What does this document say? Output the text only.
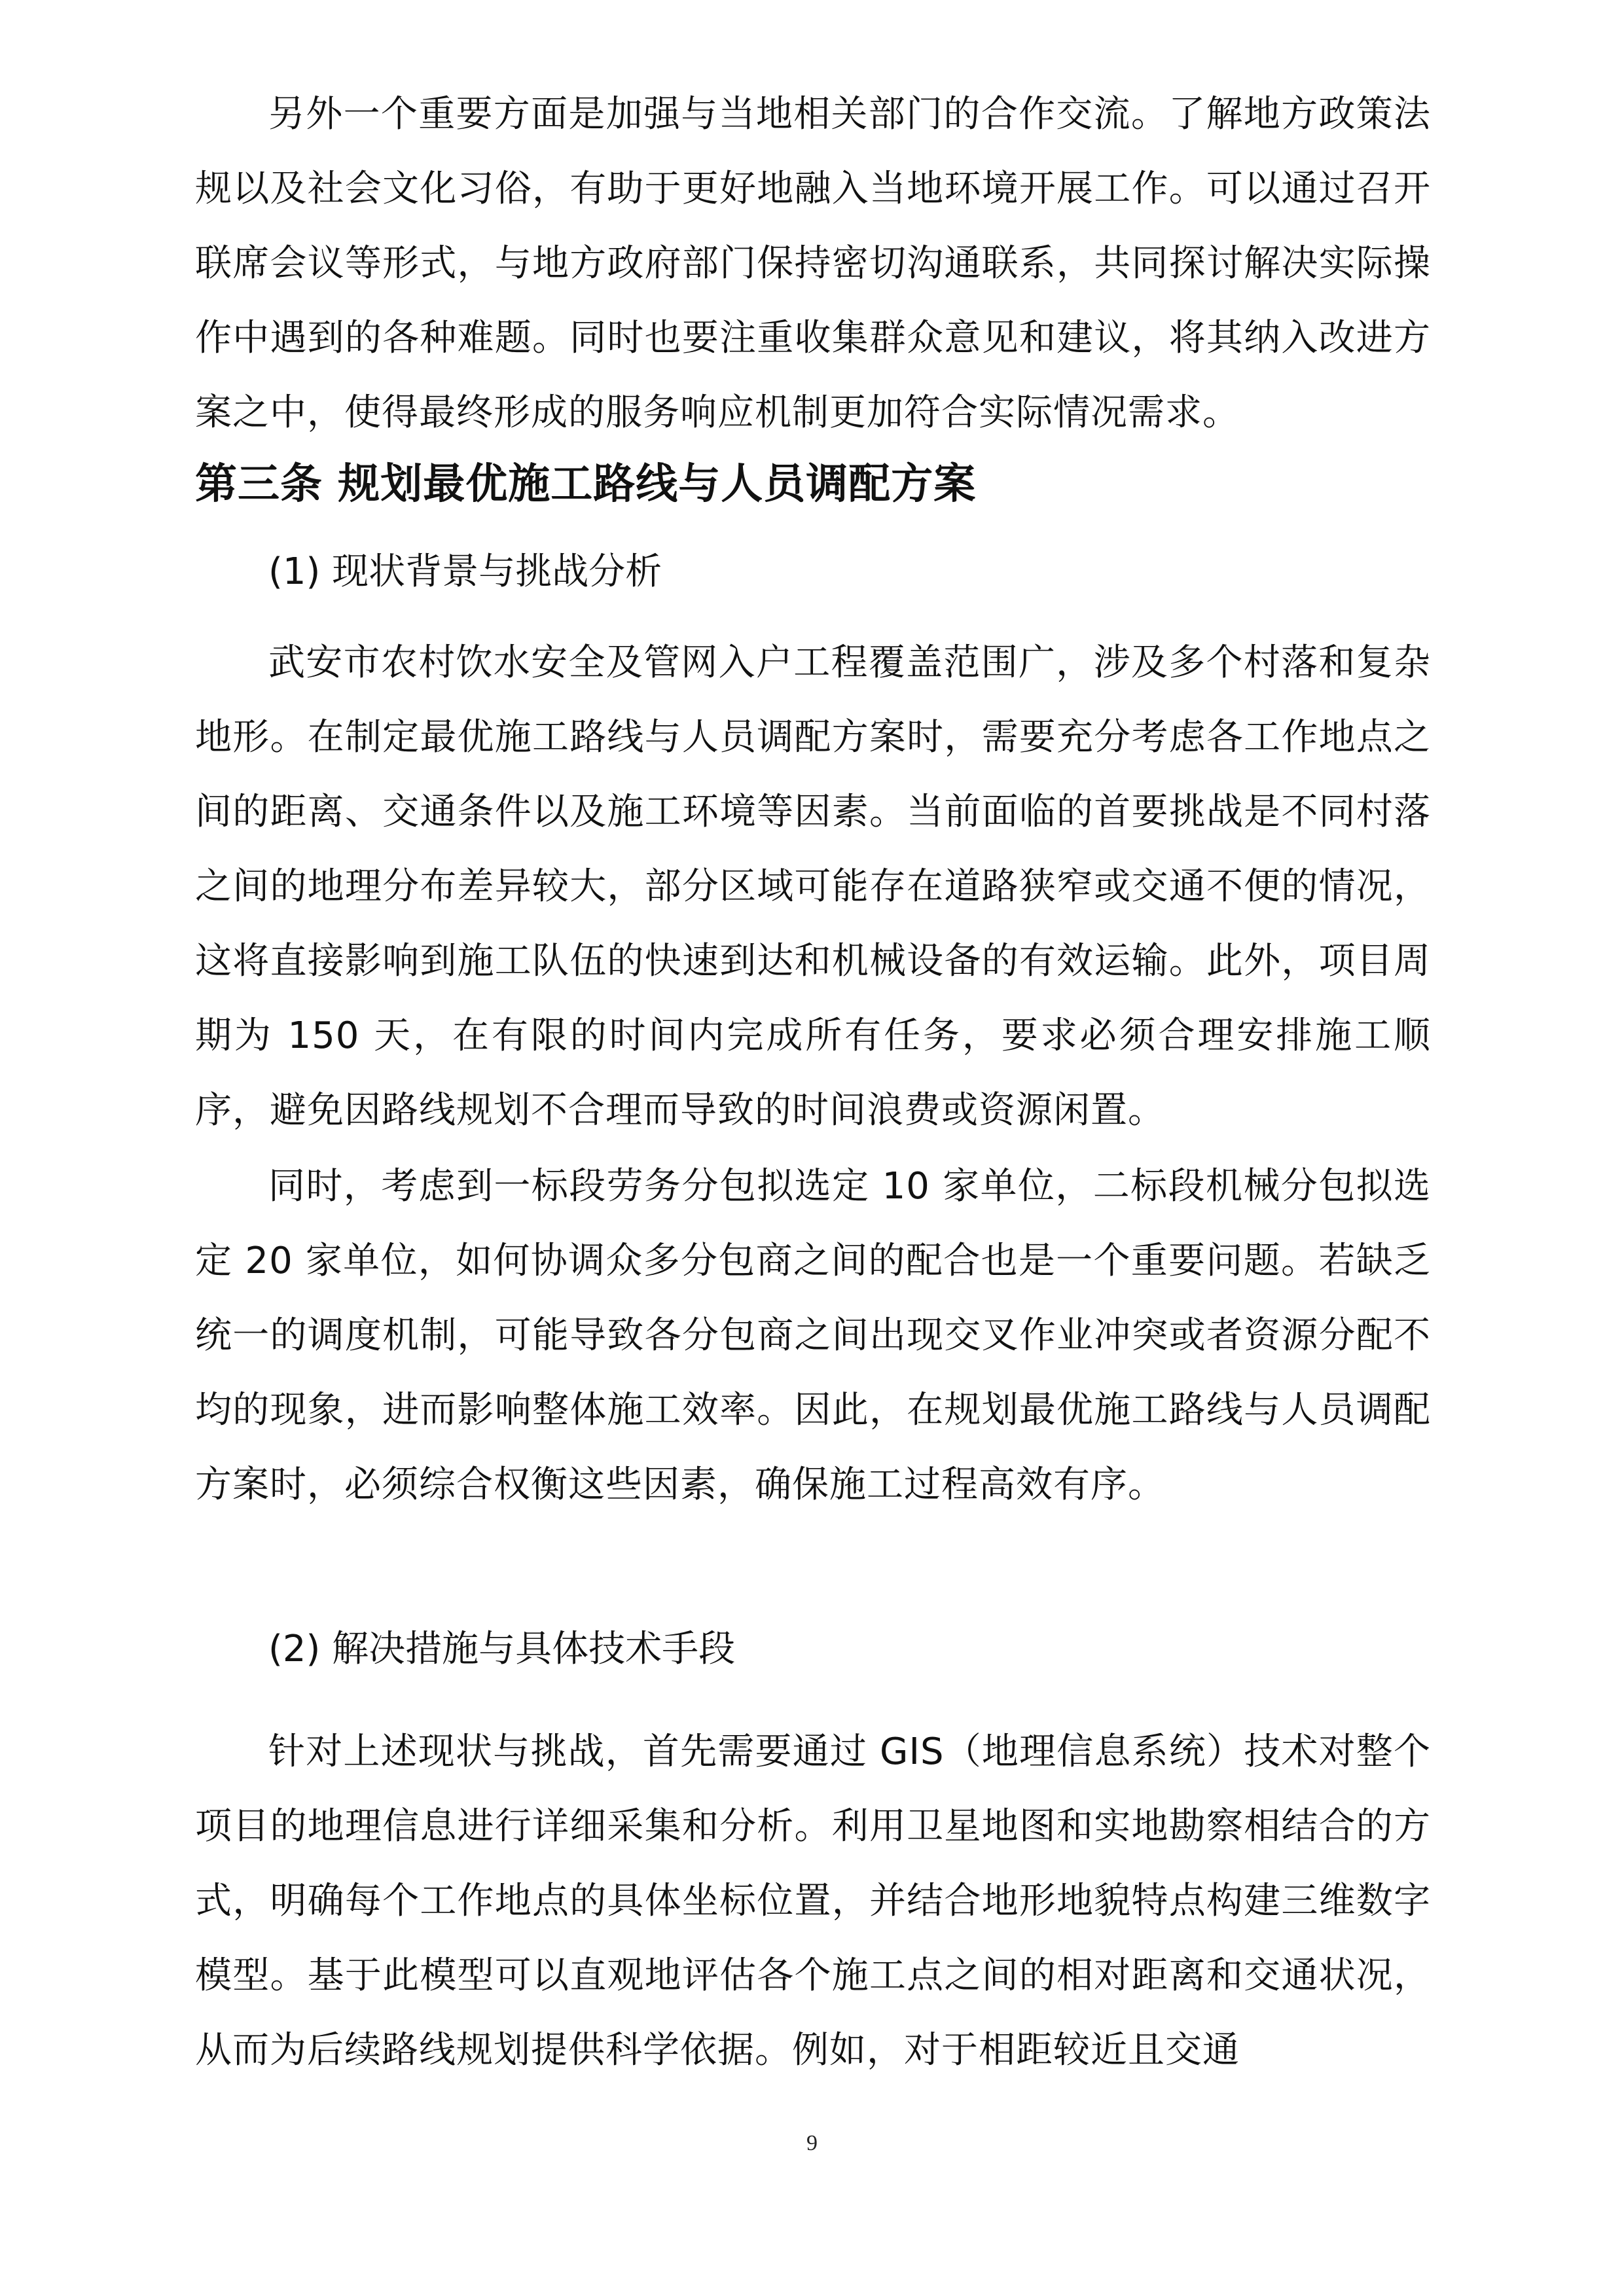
另外一个重要方面是加强与当地相关部门的合作交流。了解地方政策法规以及社会文化习俗，有助于更好地融入当地环境开展工作。可以通过召开联席会议等形式，与地方政府部门保持密切沟通联系，共同探讨解决实际操作中遇到的各种难题。同时也要注重收集群众意见和建议，将其纳入改进方案之中，使得最终形成的服务响应机制更加符合实际情况需求。

第三条 规划最优施工路线与人员调配方案

(1) 现状背景与挑战分析

武安市农村饮水安全及管网入户工程覆盖范围广，涉及多个村落和复杂地形。在制定最优施工路线与人员调配方案时，需要充分考虑各工作地点之间的距离、交通条件以及施工环境等因素。当前面临的首要挑战是不同村落之间的地理分布差异较大，部分区域可能存在道路狭窄或交通不便的情况，这将直接影响到施工队伍的快速到达和机械设备的有效运输。此外，项目周期为 150 天，在有限的时间内完成所有任务，要求必须合理安排施工顺序，避免因路线规划不合理而导致的时间浪费或资源闲置。

同时，考虑到一标段劳务分包拟选定 10 家单位，二标段机械分包拟选定 20 家单位，如何协调众多分包商之间的配合也是一个重要问题。若缺乏统一的调度机制，可能导致各分包商之间出现交叉作业冲突或者资源分配不均的现象，进而影响整体施工效率。因此，在规划最优施工路线与人员调配方案时，必须综合权衡这些因素，确保施工过程高效有序。

(2) 解决措施与具体技术手段

针对上述现状与挑战，首先需要通过 GIS（地理信息系统）技术对整个项目的地理信息进行详细采集和分析。利用卫星地图和实地勘察相结合的方式，明确每个工作地点的具体坐标位置，并结合地形地貌特点构建三维数字模型。基于此模型可以直观地评估各个施工点之间的相对距离和交通状况，从而为后续路线规划提供科学依据。例如，对于相距较近且交通

9
